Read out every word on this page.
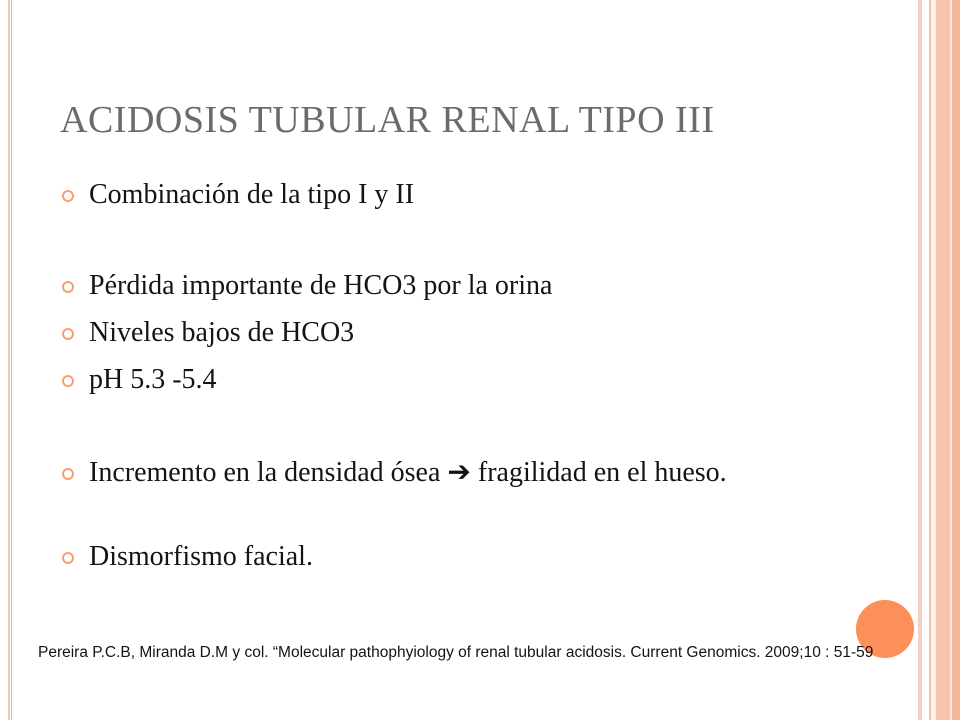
ACIDOSIS TUBULAR RENAL TIPO III
Combinación de la tipo I y II
Pérdida importante de HCO3 por la orina
Niveles bajos de HCO3
pH 5.3 -5.4
Incremento en la densidad ósea ➔ fragilidad en el hueso.
Dismorfismo facial.
Pereira P.C.B, Miranda D.M y col. “Molecular pathophyiology of renal tubular acidosis. Current Genomics. 2009;10 : 51-59
